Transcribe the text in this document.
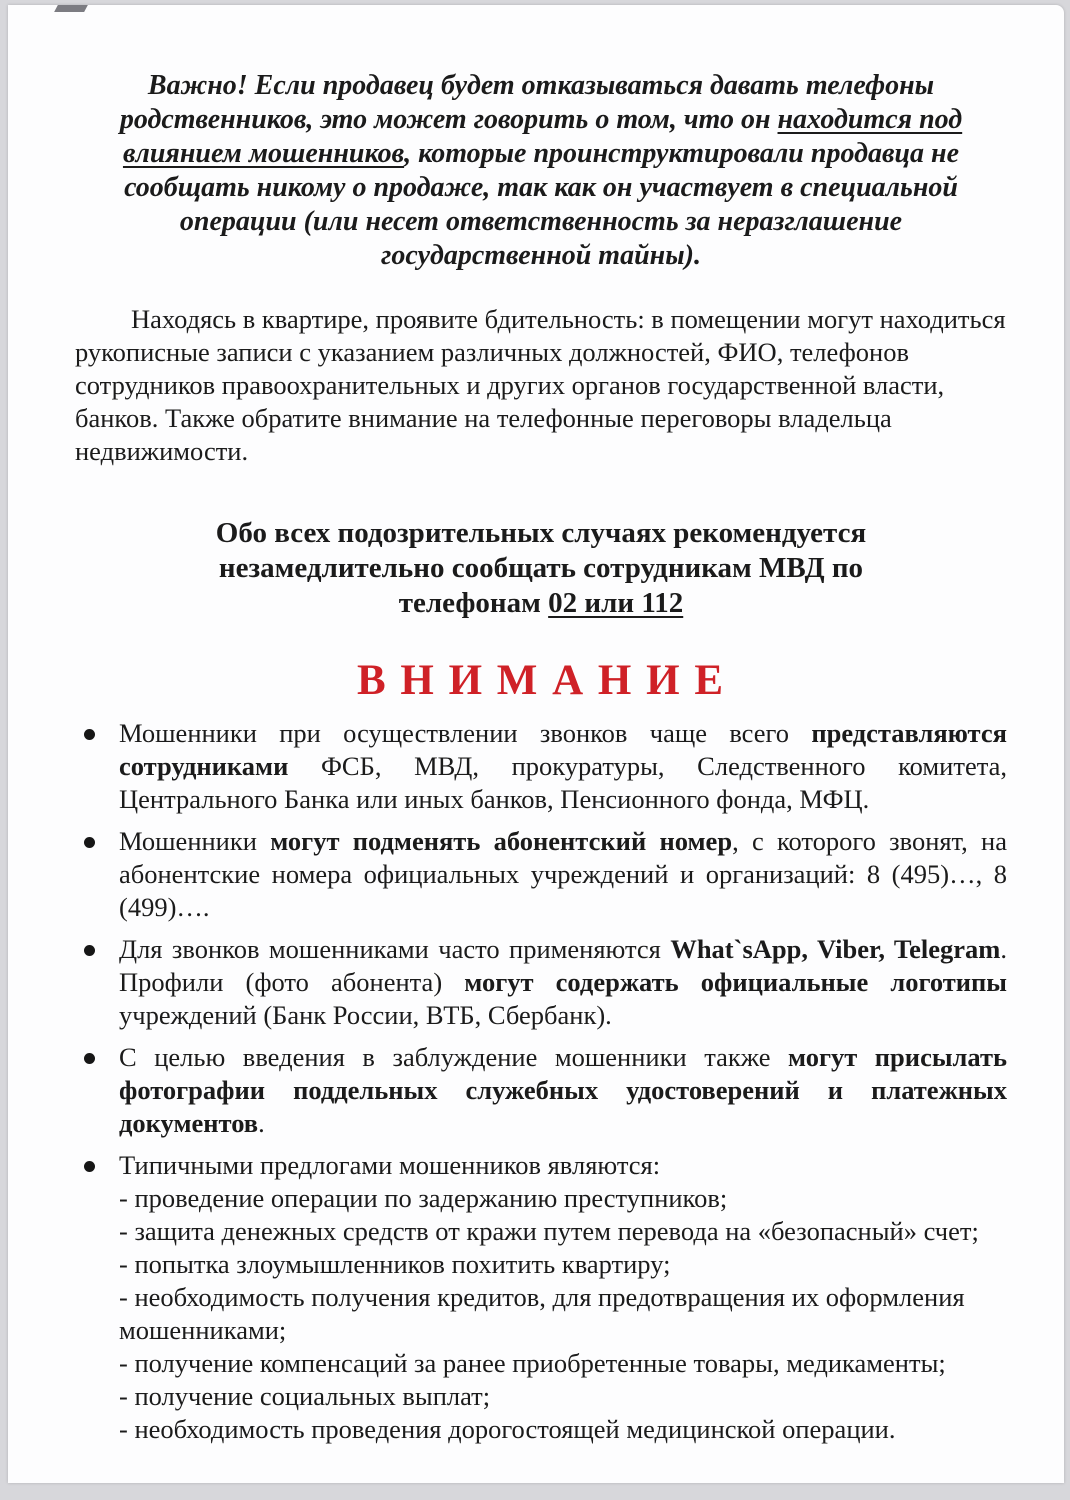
Важно! Если продавец будет отказываться давать телефоны родственников, это может говорить о том, что он находится под влиянием мошенников, которые проинструктировали продавца не сообщать никому о продаже, так как он участвует в специальной операции (или несет ответственность за неразглашение государственной тайны).
Находясь в квартире, проявите бдительность: в помещении могут находиться рукописные записи с указанием различных должностей, ФИО, телефонов сотрудников правоохранительных и других органов государственной власти, банков. Также обратите внимание на телефонные переговоры владельца недвижимости.
Обо всех подозрительных случаях рекомендуется незамедлительно сообщать сотрудникам МВД по телефонам 02 или 112
В Н И М А Н И Е
Мошенники при осуществлении звонков чаще всего представляются сотрудниками ФСБ, МВД, прокуратуры, Следственного комитета, Центрального Банка или иных банков, Пенсионного фонда, МФЦ.
Мошенники могут подменять абонентский номер, с которого звонят, на абонентские номера официальных учреждений и организаций: 8 (495)…, 8 (499)….
Для звонков мошенниками часто применяются What`sApp, Viber, Telegram. Профили (фото абонента) могут содержать официальные логотипы учреждений (Банк России, ВТБ, Сбербанк).
С целью введения в заблуждение мошенники также могут присылать фотографии поддельных служебных удостоверений и платежных документов.
Типичными предлогами мошенников являются:
- проведение операции по задержанию преступников;
- защита денежных средств от кражи путем перевода на «безопасный» счет;
- попытка злоумышленников похитить квартиру;
- необходимость получения кредитов, для предотвращения их оформления мошенниками;
- получение компенсаций за ранее приобретенные товары, медикаменты;
- получение социальных выплат;
- необходимость проведения дорогостоящей медицинской операции.
